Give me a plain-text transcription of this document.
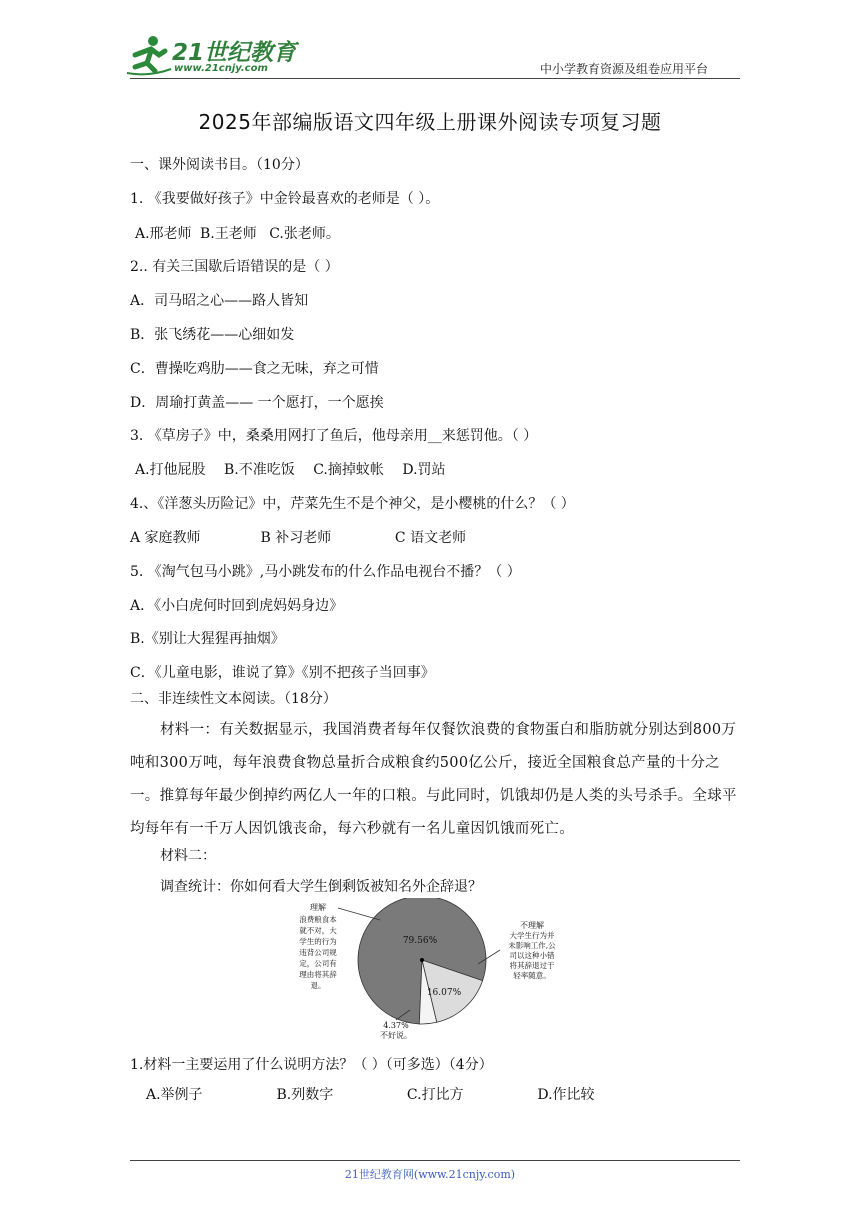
21世纪教育
www.21cnjy.com	中小学教育资源及组卷应用平台
2025年部编版语文四年级上册课外阅读专项复习题
一、课外阅读书目。（10分）
1. 《我要做好孩子》中金铃最喜欢的老师是（ ）。
A.邢老师 B.王老师 C.张老师。
2.. 有关三国歇后语错误的是（ ）
A．司马昭之心——路人皆知
B．张飞绣花——心细如发
C．曹操吃鸡肋——食之无味，弃之可惜
D．周瑜打黄盖—— 一个愿打，一个愿挨
3. 《草房子》中，桑桑用网打了鱼后，他母亲用__来惩罚他。（ ）
A.打他屁股 B.不准吃饭 C.摘掉蚊帐 D.罚站
4.、《洋葱头历险记》中，芹菜先生不是个神父，是小樱桃的什么？（ ）
A 家庭教师	B 补习老师	C 语文老师
5. 《淘气包马小跳》,马小跳发布的什么作品电视台不播？（ ）
A．《小白虎何时回到虎妈妈身边》
B.《别让大猩猩再抽烟》
C．《儿童电影，谁说了算》《别不把孩子当回事》
二、非连续性文本阅读。（18分）
材料一：有关数据显示，我国消费者每年仅餐饮浪费的食物蛋白和脂肪就分别达到800万吨和300万吨，每年浪费食物总量折合成粮食约500亿公斤，接近全国粮食总产量的十分之一。推算每年最少倒掉约两亿人一年的口粮。与此同时，饥饿却仍是人类的头号杀手。全球平均每年有一千万人因饥饿丧命，每六秒就有一名儿童因饥饿而死亡。
材料二：
调查统计：你如何看大学生倒剩饭被知名外企辞退？
79.56%
16.07%
4.37%
理解
浪费粮食本
就不对，大
学生的行为
违背公司规
定，公司有
理由将其辞
退。
不理解
大学生行为并
未影响工作,公
司以这种小错
将其辞退过于
轻率随意。
不好说。
1.材料一主要运用了什么说明方法？（ ）（可多选）（4分）
A.举例子	B.列数字	C.打比方	D.作比较
21世纪教育网(www.21cnjy.com)
